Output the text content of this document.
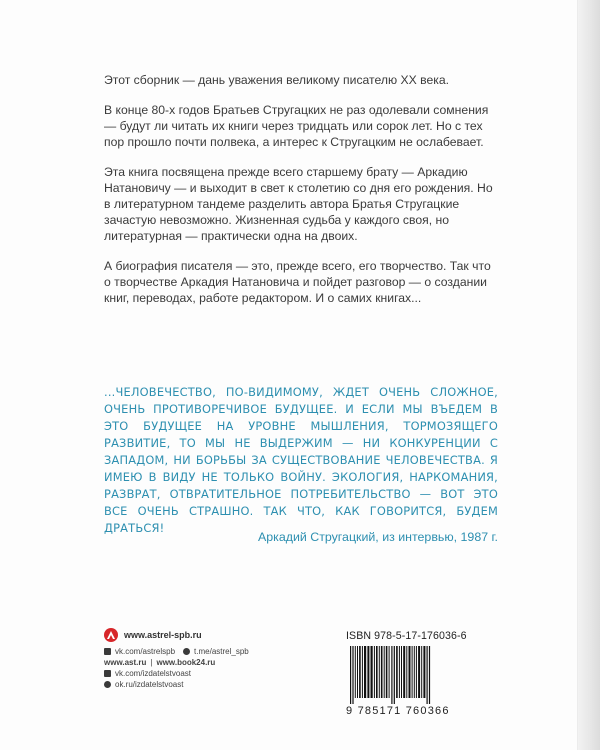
Этот сборник — дань уважения великому писателю XX века.

В конце 80-х годов Братьев Стругацких не раз одолевали сомнения — будут ли читать их книги через тридцать или сорок лет. Но с тех пор прошло почти полвека, а интерес к Стругацким не ослабевает.

Эта книга посвящена прежде всего старшему брату — Аркадию Натановичу — и выходит в свет к столетию со дня его рождения. Но в литературном тандеме разделить автора Братья Стругацкие зачастую невозможно. Жизненная судьба у каждого своя, но литературная — практически одна на двоих.

А биография писателя — это, прежде всего, его творчество. Так что о творчестве Аркадия Натановича и пойдет разговор — о создании книг, переводах, работе редактором. И о самих книгах...

...ЧЕЛОВЕЧЕСТВО, ПО-ВИДИМОМУ, ЖДЕТ ОЧЕНЬ СЛОЖНОЕ, ОЧЕНЬ ПРОТИВОРЕЧИВОЕ БУДУЩЕЕ. И ЕСЛИ МЫ ВЪЕДЕМ В ЭТО БУДУЩЕЕ НА УРОВНЕ МЫШЛЕНИЯ, ТОРМОЗЯЩЕГО РАЗВИТИЕ, ТО МЫ НЕ ВЫДЕРЖИМ — НИ КОНКУРЕНЦИИ С ЗАПАДОМ, НИ БОРЬБЫ ЗА СУЩЕСТВОВАНИЕ ЧЕЛОВЕЧЕСТВА. Я ИМЕЮ В ВИДУ НЕ ТОЛЬКО ВОЙНУ. ЭКОЛОГИЯ, НАРКОМАНИЯ, РАЗВРАТ, ОТВРАТИТЕЛЬНОЕ ПОТРЕБИТЕЛЬСТВО — ВОТ ЭТО ВСЕ ОЧЕНЬ СТРАШНО. ТАК ЧТО, КАК ГОВОРИТСЯ, БУДЕМ ДРАТЬСЯ!
Аркадий Стругацкий, из интервью, 1987 г.
www.astrel-spb.ru
vk.com/astrelspb t.me/astrel_spb
www.ast.ru | www.book24.ru
vk.com/izdatelstvoast
ok.ru/izdatelstvoast
ISBN 978-5-17-176036-6
9 785171 760366
